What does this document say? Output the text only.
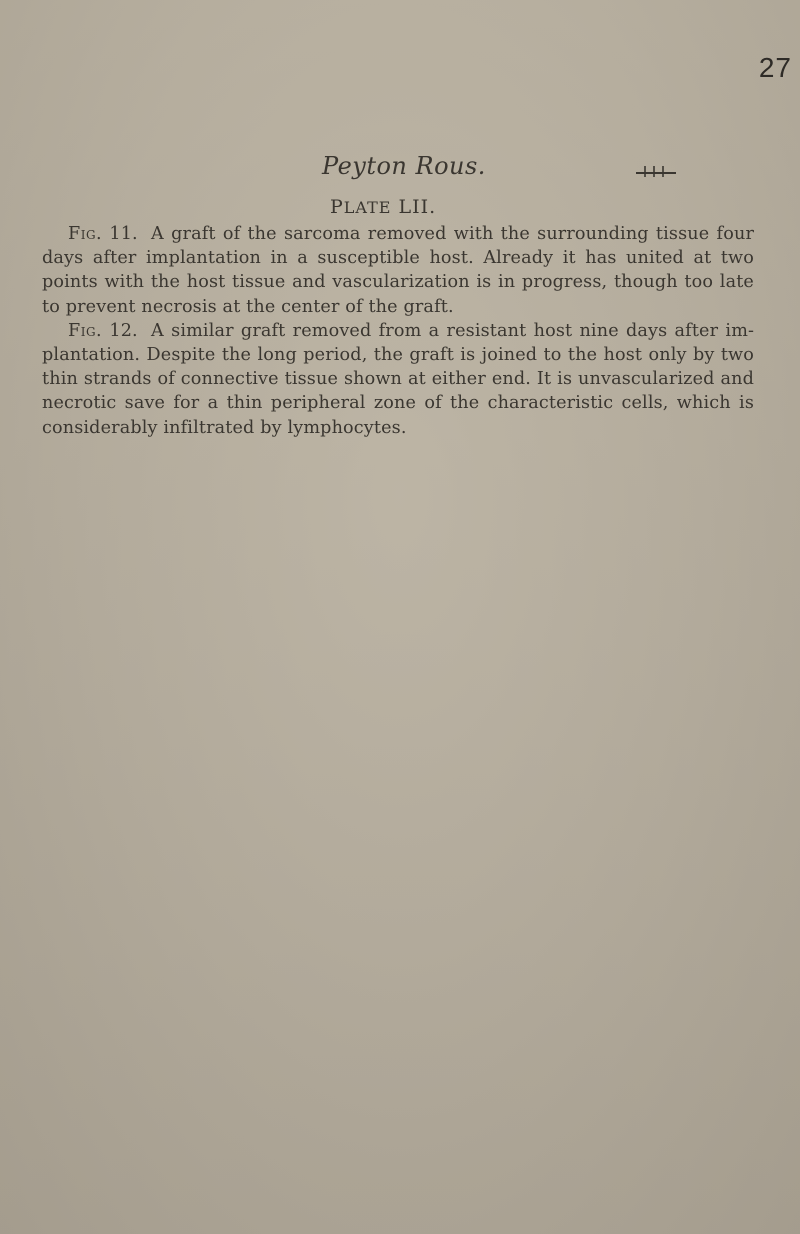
27
Peyton Rous.
PLATE LII.

Fig. 11. A graft of the sarcoma removed with the surrounding tissue four days after implantation in a susceptible host. Already it has united at two points with the host tissue and vascularization is in progress, though too late to prevent necrosis at the center of the graft.

Fig. 12. A similar graft removed from a resistant host nine days after implantation. Despite the long period, the graft is joined to the host only by two thin strands of connective tissue shown at either end. It is unvascularized and necrotic save for a thin peripheral zone of the characteristic cells, which is considerably infiltrated by lymphocytes.
